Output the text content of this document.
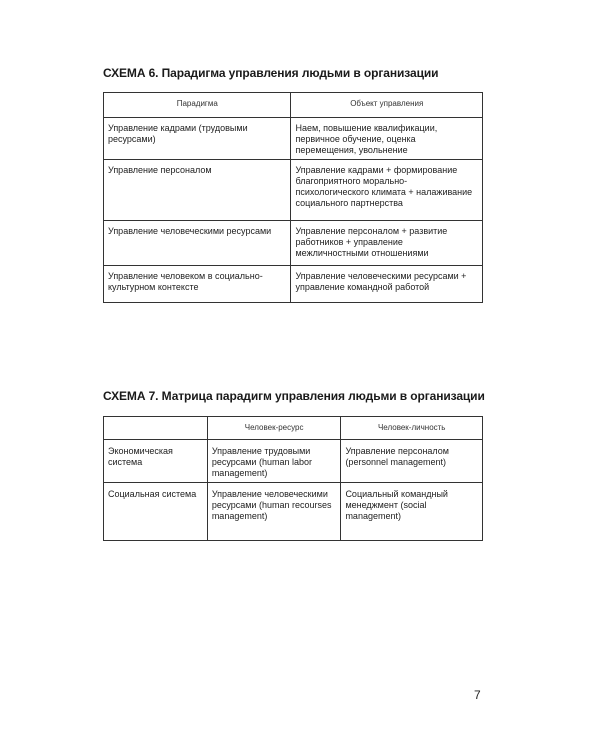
СХЕМА 6. Парадигма управления людьми в организации
Парадигма	Объект управления
Управление кадрами (трудовыми ресурсами)	Наем, повышение квалификации, первичное обучение, оценка перемещения, увольнение
Управление персоналом	Управление кадрами + формирование благоприятного морально-психологического климата + налаживание социального партнерства
Управление человеческими ресурсами	Управление персоналом + развитие работников + управление межличностными отношениями
Управление человеком в социально-культурном контексте	Управление человеческими ресурсами + управление командной работой
СХЕМА 7. Матрица парадигм управления людьми в организации
	Человек-ресурс	Человек-личность
Экономическая система	Управление трудовыми ресурсами (human labor management)	Управление персоналом (personnel management)
Социальная система	Управление человеческими ресурсами (human recourses management)	Социальный командный менеджмент (social management)
7
